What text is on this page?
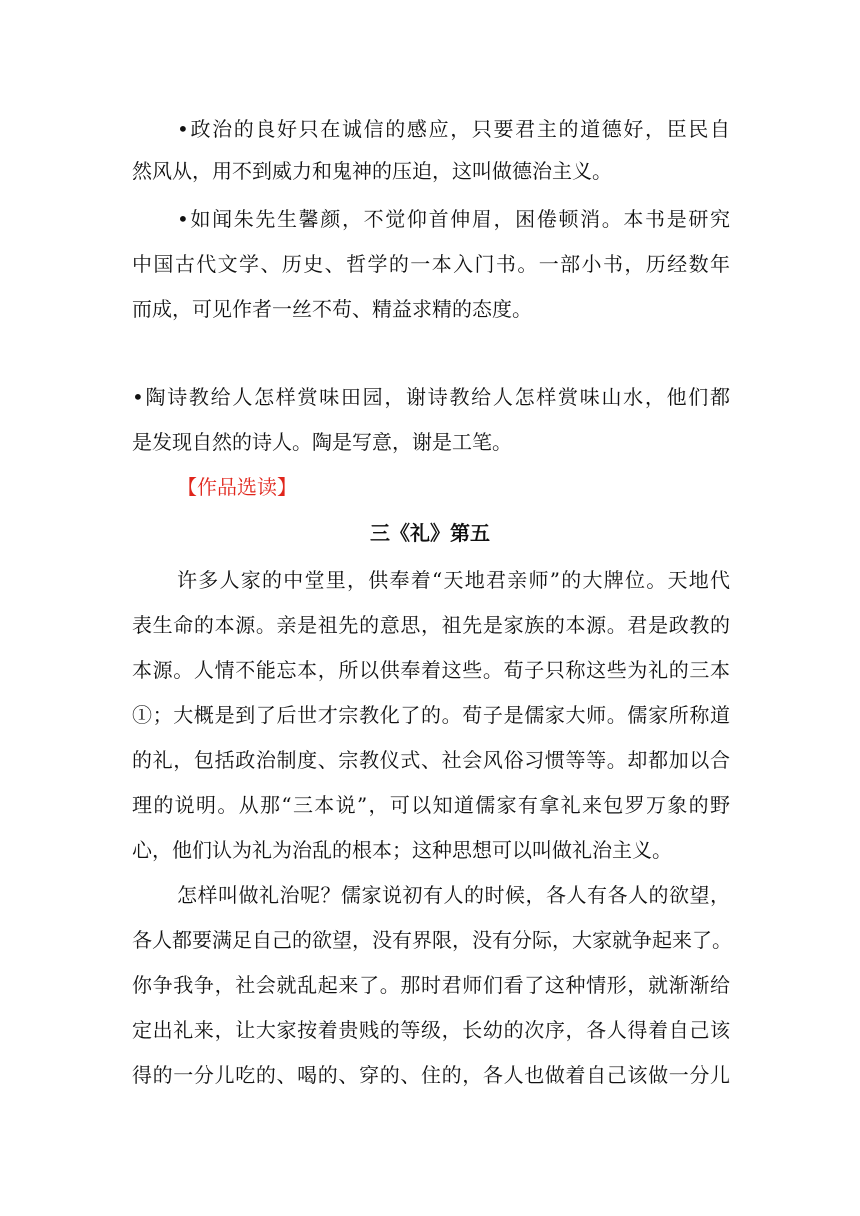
•政治的良好只在诚信的感应，只要君主的道德好，臣民自
然风从，用不到威力和鬼神的压迫，这叫做德治主义。
•如闻朱先生馨颜，不觉仰首伸眉，困倦顿消。本书是研究
中国古代文学、历史、哲学的一本入门书。一部小书，历经数年
而成，可见作者一丝不苟、精益求精的态度。
•陶诗教给人怎样赏味田园，谢诗教给人怎样赏味山水，他们都
是发现自然的诗人。陶是写意，谢是工笔。
【作品选读】
三《礼》第五
许多人家的中堂里，供奉着“天地君亲师”的大牌位。天地代
表生命的本源。亲是祖先的意思，祖先是家族的本源。君是政教的
本源。人情不能忘本，所以供奉着这些。荀子只称这些为礼的三本
①；大概是到了后世才宗教化了的。荀子是儒家大师。儒家所称道
的礼，包括政治制度、宗教仪式、社会风俗习惯等等。却都加以合
理的说明。从那“三本说”，可以知道儒家有拿礼来包罗万象的野
心，他们认为礼为治乱的根本；这种思想可以叫做礼治主义。
怎样叫做礼治呢？儒家说初有人的时候，各人有各人的欲望，
各人都要满足自己的欲望，没有界限，没有分际，大家就争起来了。
你争我争，社会就乱起来了。那时君师们看了这种情形，就渐渐给
定出礼来，让大家按着贵贱的等级，长幼的次序，各人得着自己该
得的一分儿吃的、喝的、穿的、住的，各人也做着自己该做一分儿
